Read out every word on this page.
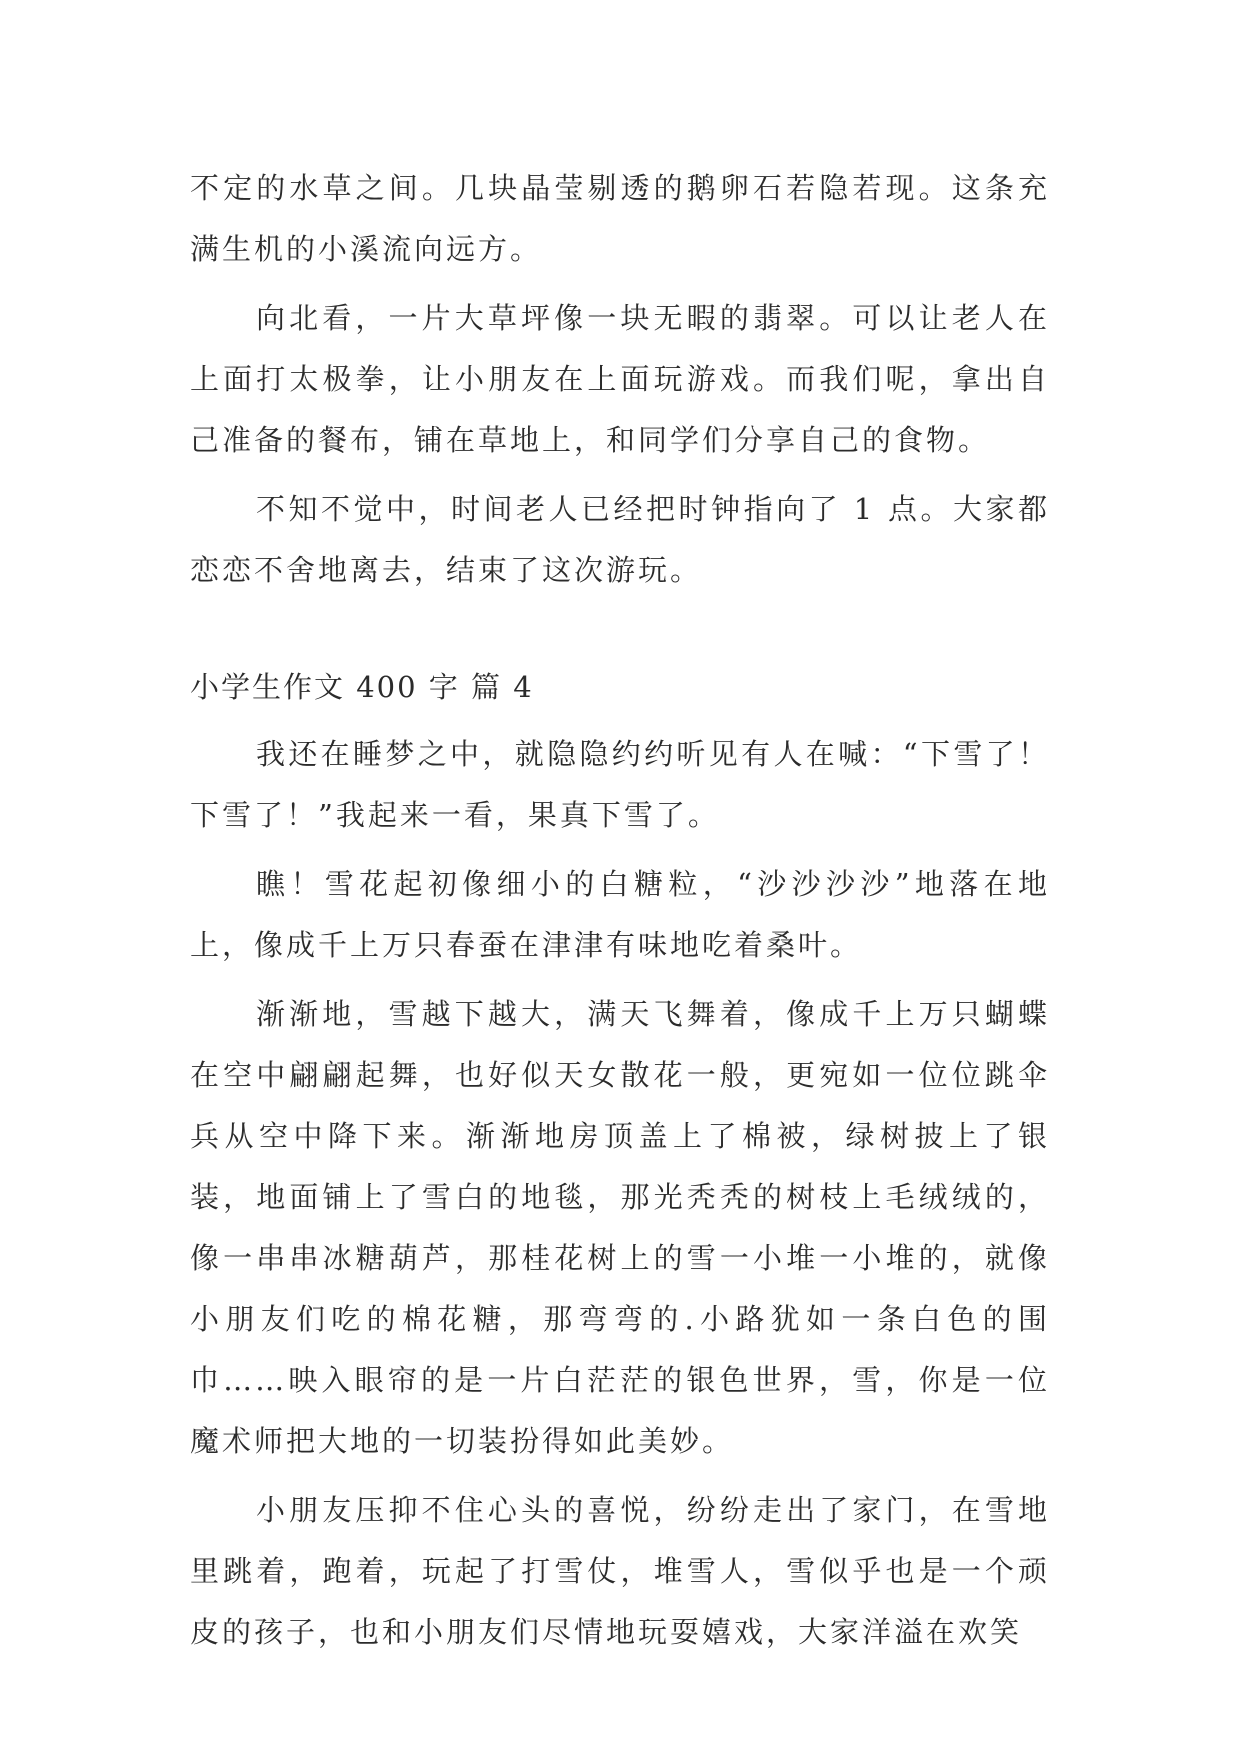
不定的水草之间。几块晶莹剔透的鹅卵石若隐若现。这条充满生机的小溪流向远方。

向北看，一片大草坪像一块无暇的翡翠。可以让老人在上面打太极拳，让小朋友在上面玩游戏。而我们呢，拿出自己准备的餐布，铺在草地上，和同学们分享自己的食物。

不知不觉中，时间老人已经把时钟指向了 1 点。大家都恋恋不舍地离去，结束了这次游玩。

小学生作文 400 字 篇 4

我还在睡梦之中，就隐隐约约听见有人在喊：“下雪了！下雪了！”我起来一看，果真下雪了。

瞧！雪花起初像细小的白糖粒，“沙沙沙沙”地落在地上，像成千上万只春蚕在津津有味地吃着桑叶。

渐渐地，雪越下越大，满天飞舞着，像成千上万只蝴蝶在空中翩翩起舞，也好似天女散花一般，更宛如一位位跳伞兵从空中降下来。渐渐地房顶盖上了棉被，绿树披上了银装，地面铺上了雪白的地毯，那光秃秃的树枝上毛绒绒的，像一串串冰糖葫芦，那桂花树上的雪一小堆一小堆的，就像小朋友们吃的棉花糖，那弯弯的.小路犹如一条白色的围巾……映入眼帘的是一片白茫茫的银色世界，雪，你是一位魔术师把大地的一切装扮得如此美妙。

小朋友压抑不住心头的喜悦，纷纷走出了家门，在雪地里跳着，跑着，玩起了打雪仗，堆雪人，雪似乎也是一个顽皮的孩子，也和小朋友们尽情地玩耍嬉戏，大家洋溢在欢笑
